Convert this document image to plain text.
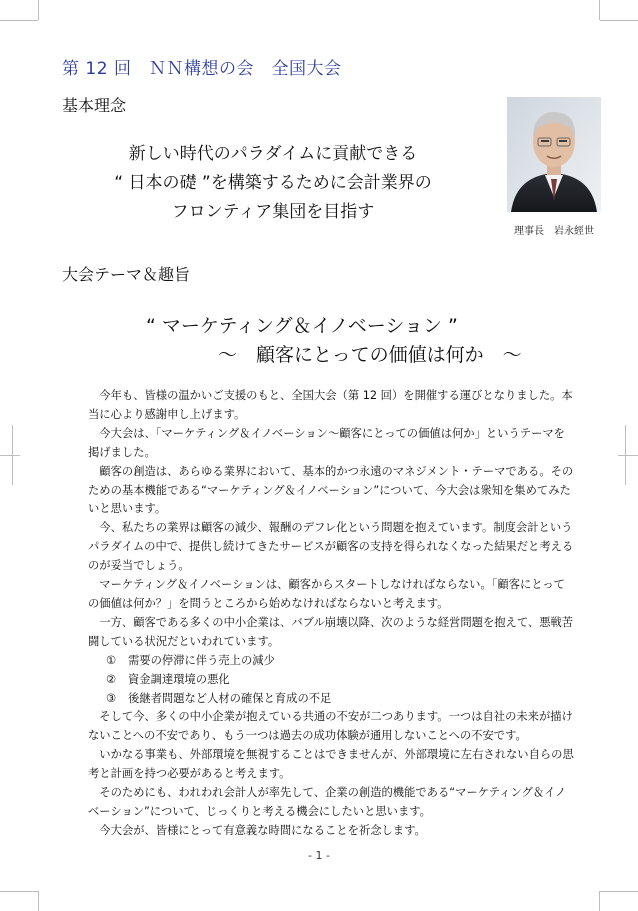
第 12 回　ＮＮ構想の会　全国大会
基本理念
新しい時代のパラダイムに貢献できる
“ 日本の礎 ”を構築するために会計業界の
フロンティア集団を目指す
理事長　岩永經世
大会テーマ＆趣旨
“ マーケティング＆イノベーション ”
～　顧客にとっての価値は何か　～
今年も、皆様の温かいご支援のもと、全国大会（第 12 回）を開催する運びとなりました。本当に心より感謝申し上げます。
今大会は、「マーケティング＆イノベーション～顧客にとっての価値は何か」というテーマを掲げました。
顧客の創造は、あらゆる業界において、基本的かつ永遠のマネジメント・テーマである。そのための基本機能である“マーケティング＆イノベーション”について、今大会は衆知を集めてみたいと思います。
今、私たちの業界は顧客の減少、報酬のデフレ化という問題を抱えています。制度会計というパラダイムの中で、提供し続けてきたサービスが顧客の支持を得られなくなった結果だと考えるのが妥当でしょう。
マーケティング＆イノベーションは、顧客からスタートしなければならない。「顧客にとっての価値は何か？」を問うところから始めなければならないと考えます。
一方、顧客である多くの中小企業は、バブル崩壊以降、次のような経営問題を抱えて、悪戦苦闘している状況だといわれています。
① 需要の停滞に伴う売上の減少
② 資金調達環境の悪化
③ 後継者問題など人材の確保と育成の不足
そして今、多くの中小企業が抱えている共通の不安が二つあります。一つは自社の未来が描けないことへの不安であり、もう一つは過去の成功体験が通用しないことへの不安です。
いかなる事業も、外部環境を無視することはできませんが、外部環境に左右されない自らの思考と計画を持つ必要があると考えます。
そのためにも、われわれ会計人が率先して、企業の創造的機能である“マーケティング＆イノベーション”について、じっくりと考える機会にしたいと思います。
今大会が、皆様にとって有意義な時間になることを祈念します。
- 1 -
